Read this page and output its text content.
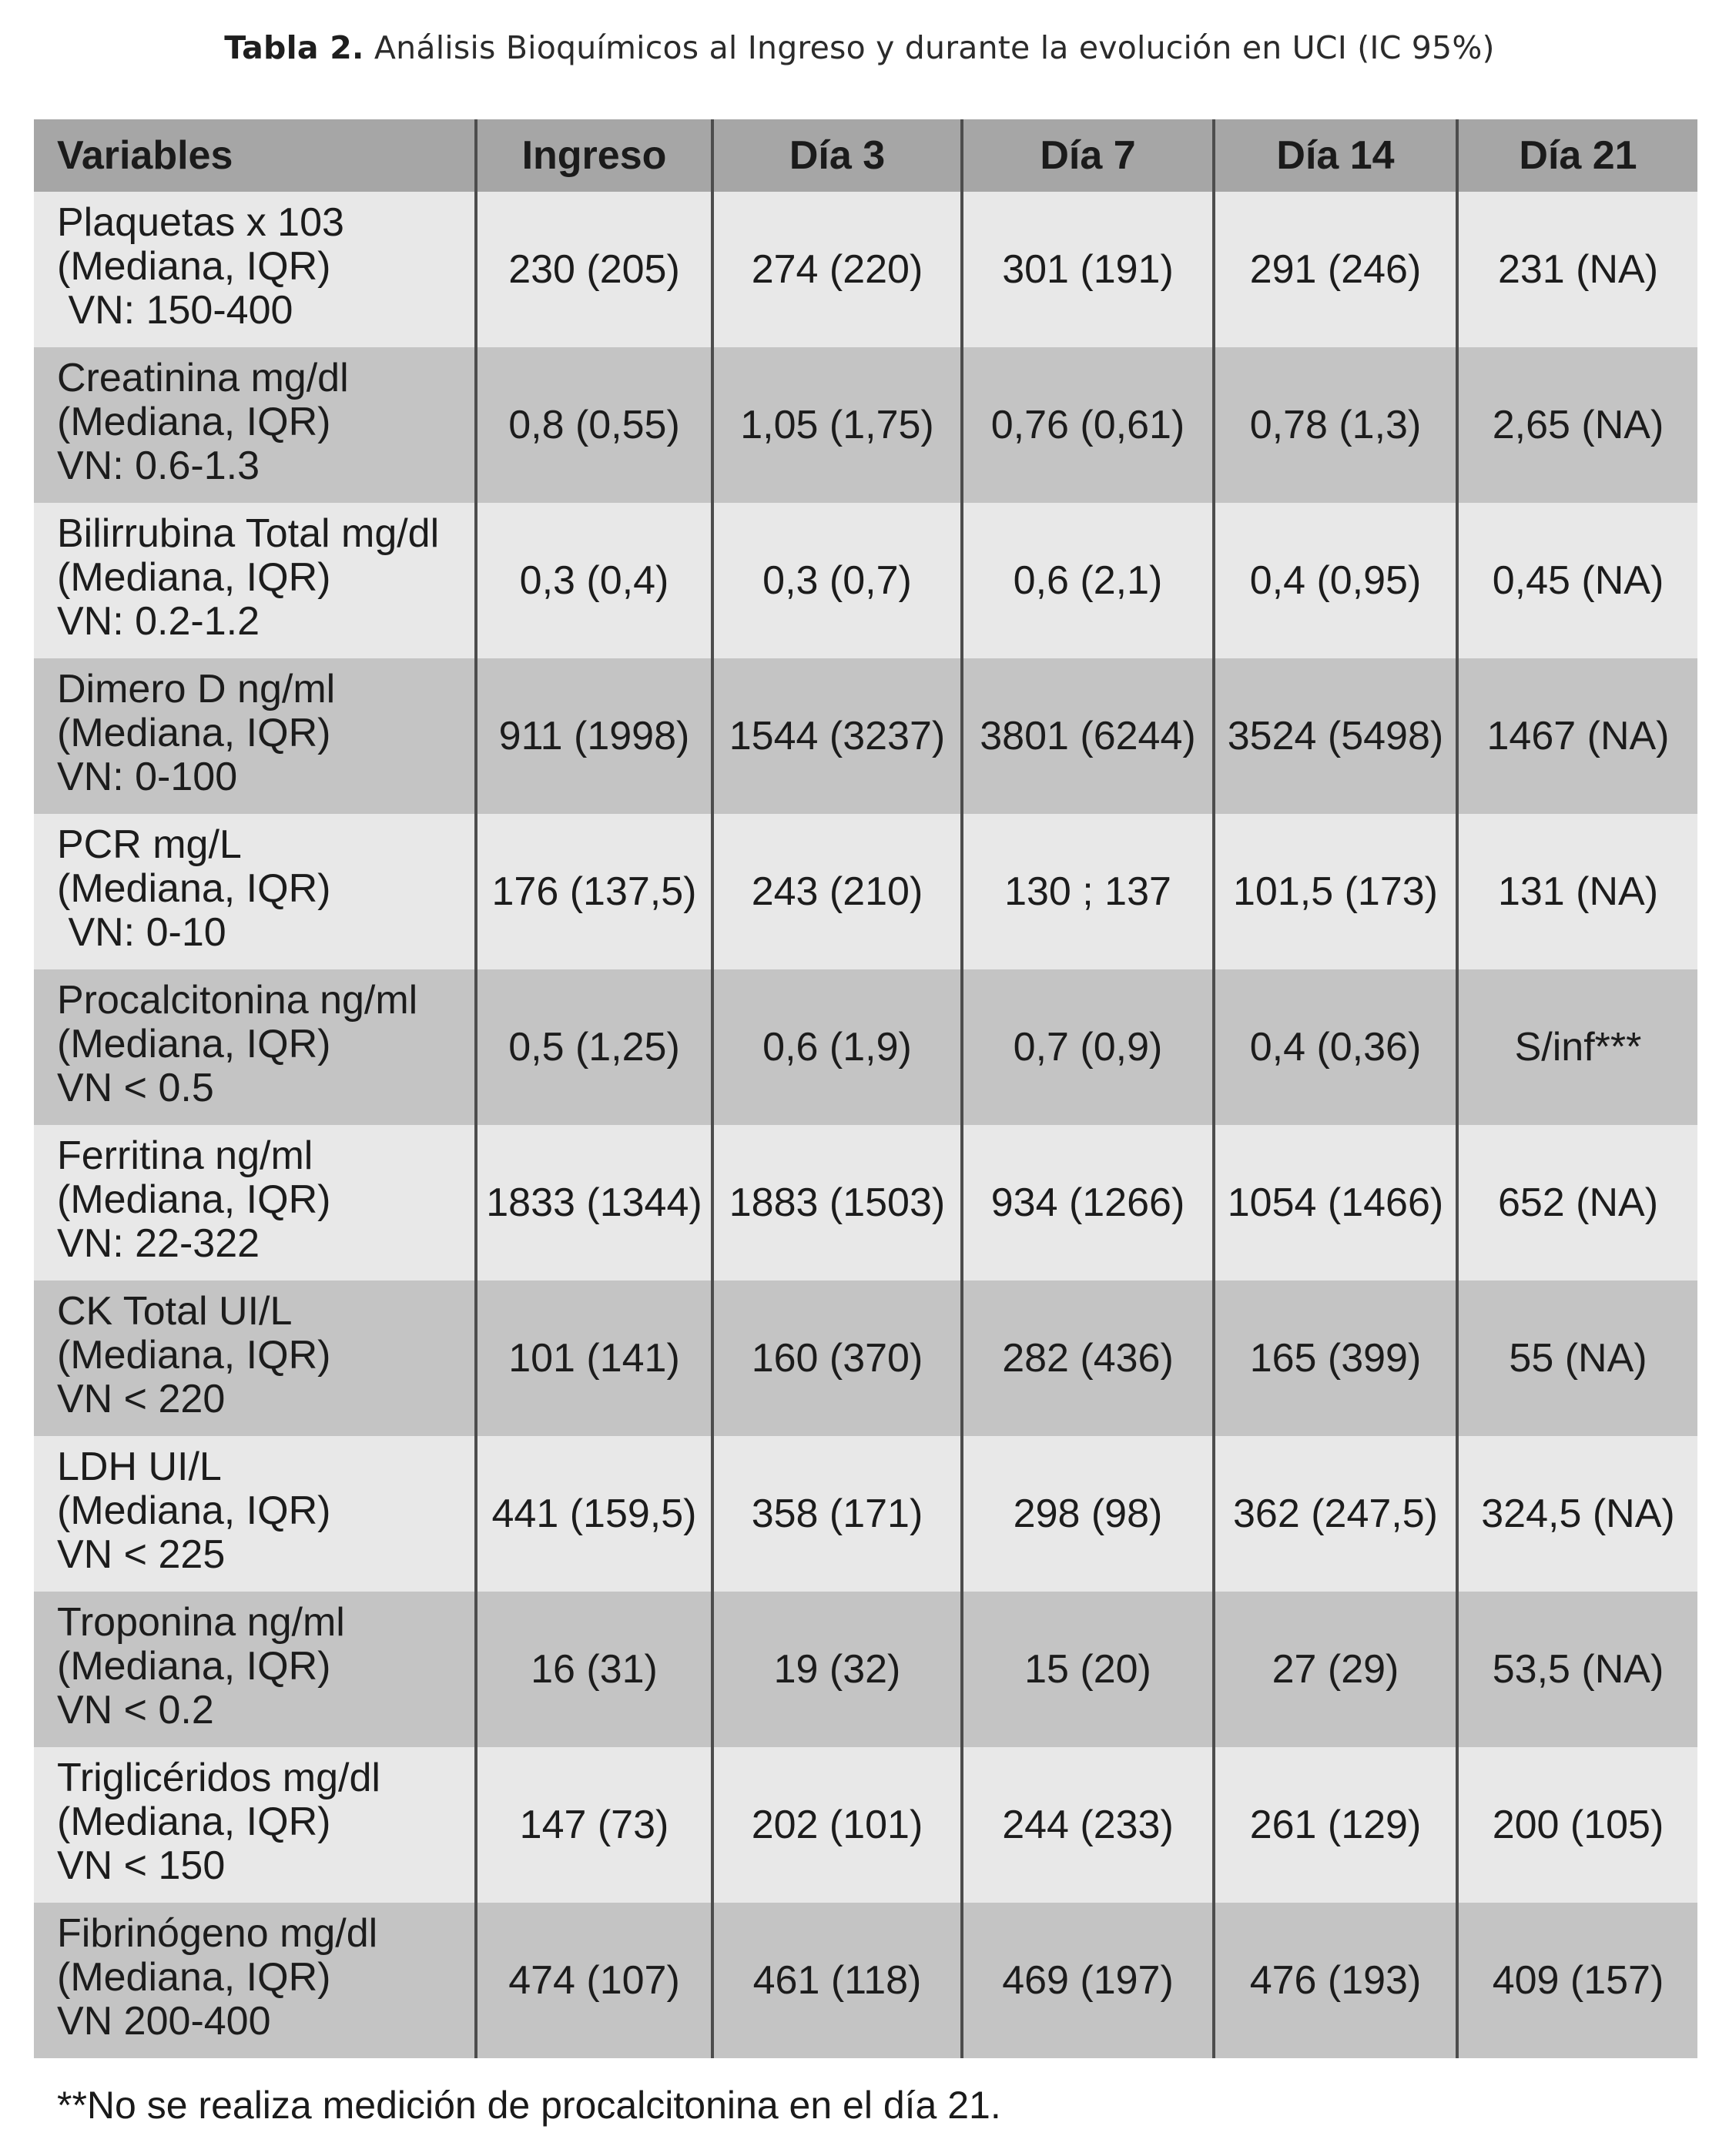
Tabla 2. Análisis Bioquímicos al Ingreso y durante la evolución en UCI (IC 95%)
Variables	Ingreso	Día 3	Día 7	Día 14	Día 21

Plaquetas x 103
(Mediana, IQR)
VN: 150-400	230 (205)	274 (220)	301 (191)	291 (246)	231 (NA)

Creatinina mg/dl
(Mediana, IQR)
VN: 0.6-1.3	0,8 (0,55)	1,05 (1,75)	0,76 (0,61)	0,78 (1,3)	2,65 (NA)

Bilirrubina Total mg/dl
(Mediana, IQR)
VN: 0.2-1.2	0,3 (0,4)	0,3 (0,7)	0,6 (2,1)	0,4 (0,95)	0,45 (NA)

Dimero D ng/ml
(Mediana, IQR)
VN: 0-100	911 (1998)	1544 (3237)	3801 (6244)	3524 (5498)	1467 (NA)

PCR mg/L
(Mediana, IQR)
VN: 0-10	176 (137,5)	243 (210)	130 ; 137	101,5 (173)	131 (NA)

Procalcitonina ng/ml
(Mediana, IQR)
VN < 0.5	0,5 (1,25)	0,6 (1,9)	0,7 (0,9)	0,4 (0,36)	S/inf***

Ferritina ng/ml
(Mediana, IQR)
VN: 22-322	1833 (1344)	1883 (1503)	934 (1266)	1054 (1466)	652 (NA)

CK Total UI/L
(Mediana, IQR)
VN < 220	101 (141)	160 (370)	282 (436)	165 (399)	55 (NA)

LDH UI/L
(Mediana, IQR)
VN < 225	441 (159,5)	358 (171)	298 (98)	362 (247,5)	324,5 (NA)

Troponina ng/ml
(Mediana, IQR)
VN < 0.2	16 (31)	19 (32)	15 (20)	27 (29)	53,5 (NA)

Triglicéridos mg/dl
(Mediana, IQR)
VN < 150	147 (73)	202 (101)	244 (233)	261 (129)	200 (105)

Fibrinógeno mg/dl
(Mediana, IQR)
VN 200-400	474 (107)	461 (118)	469 (197)	476 (193)	409 (157)
**No se realiza medición de procalcitonina en el día 21.
